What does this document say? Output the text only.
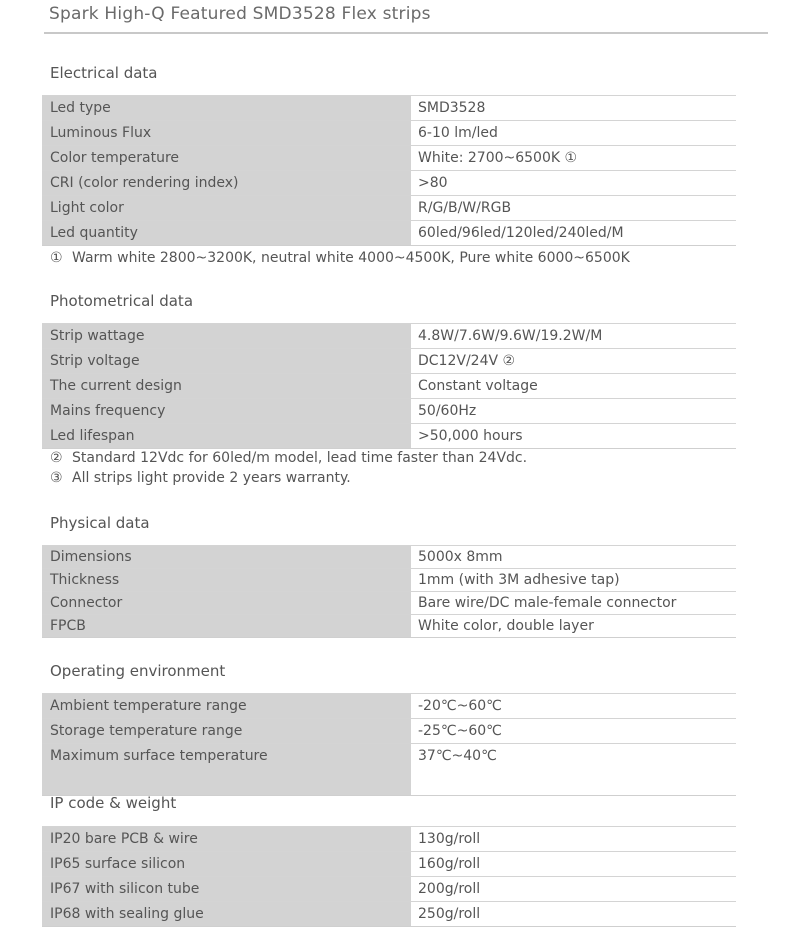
Spark High-Q Featured SMD3528 Flex strips
Electrical data
Led type	SMD3528
Luminous Flux	6-10 lm/led
Color temperature	White: 2700~6500K ①
CRI (color rendering index)	>80
Light color	R/G/B/W/RGB
Led quantity	60led/96led/120led/240led/M
① Warm white 2800~3200K, neutral white 4000~4500K, Pure white 6000~6500K
Photometrical data
Strip wattage	4.8W/7.6W/9.6W/19.2W/M
Strip voltage	DC12V/24V ②
The current design	Constant voltage
Mains frequency	50/60Hz
Led lifespan	>50,000 hours
② Standard 12Vdc for 60led/m model, lead time faster than 24Vdc.
③ All strips light provide 2 years warranty.
Physical data
Dimensions	5000x 8mm
Thickness	1mm (with 3M adhesive tap)
Connector	Bare wire/DC male-female connector
FPCB	White color, double layer
Operating environment
Ambient temperature range	-20℃~60℃
Storage temperature range	-25℃~60℃
Maximum surface temperature	37℃~40℃
IP code & weight
IP20 bare PCB & wire	130g/roll
IP65 surface silicon	160g/roll
IP67 with silicon tube	200g/roll
IP68 with sealing glue	250g/roll
